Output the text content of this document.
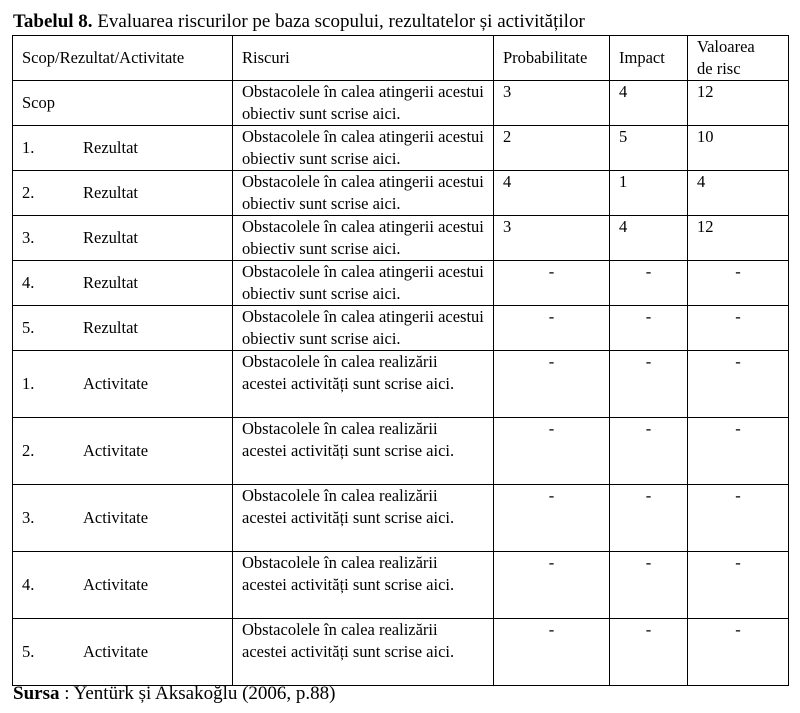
Tabelul 8. Evaluarea riscurilor pe baza scopului, rezultatelor și activităților
Scop/Rezultat/Activitate	Riscuri	Probabilitate	Impact	Valoarea
de risc
Scop	Obstacolele în calea atingerii acestui obiectiv sunt scrise aici.	3	4	12
1. Rezultat	Obstacolele în calea atingerii acestui obiectiv sunt scrise aici.	2	5	10
2. Rezultat	Obstacolele în calea atingerii acestui obiectiv sunt scrise aici.	4	1	4
3. Rezultat	Obstacolele în calea atingerii acestui obiectiv sunt scrise aici.	3	4	12
4. Rezultat	Obstacolele în calea atingerii acestui obiectiv sunt scrise aici.	-	-	-
5. Rezultat	Obstacolele în calea atingerii acestui obiectiv sunt scrise aici.	-	-	-
1. Activitate	Obstacolele în calea realizării acestei activități sunt scrise aici.	-	-	-
2. Activitate	Obstacolele în calea realizării acestei activități sunt scrise aici.	-	-	-
3. Activitate	Obstacolele în calea realizării acestei activități sunt scrise aici.	-	-	-
4. Activitate	Obstacolele în calea realizării acestei activități sunt scrise aici.	-	-	-
5. Activitate	Obstacolele în calea realizării acestei activități sunt scrise aici.	-	-	-
Sursa : Yentürk și Aksakoğlu (2006, p.88)
